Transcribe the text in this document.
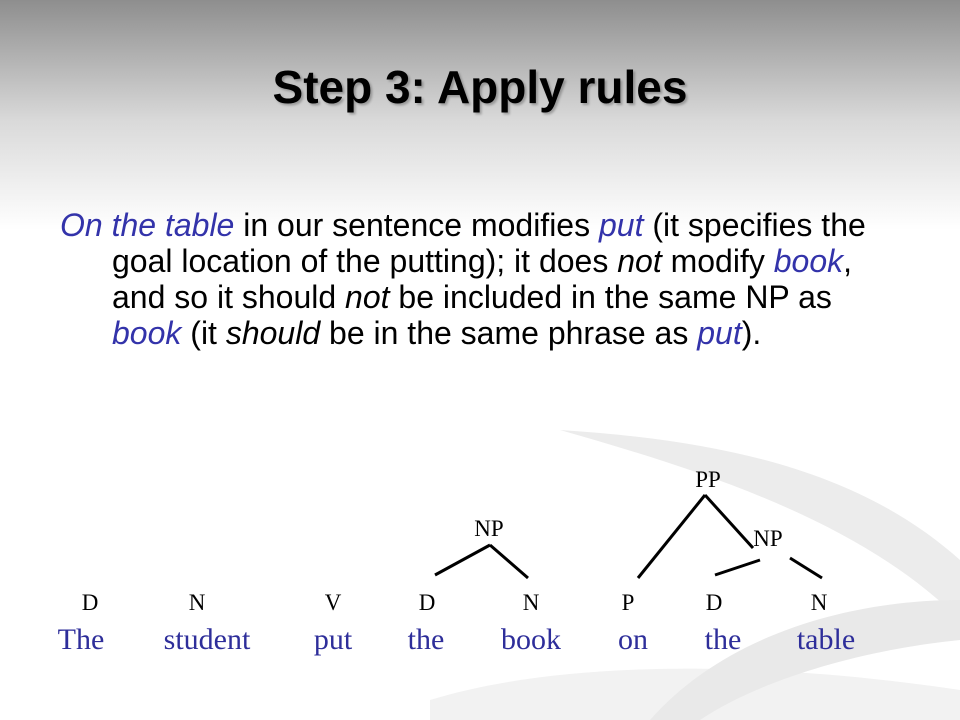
Step 3: Apply rules

On the table in our sentence modifies put (it specifies the goal location of the putting); it does not modify book, and so it should not be included in the same NP as book (it should be in the same phrase as put).

NP
PP
NP
D	N	V	D	N	P	D	N
The student put the book on the table
